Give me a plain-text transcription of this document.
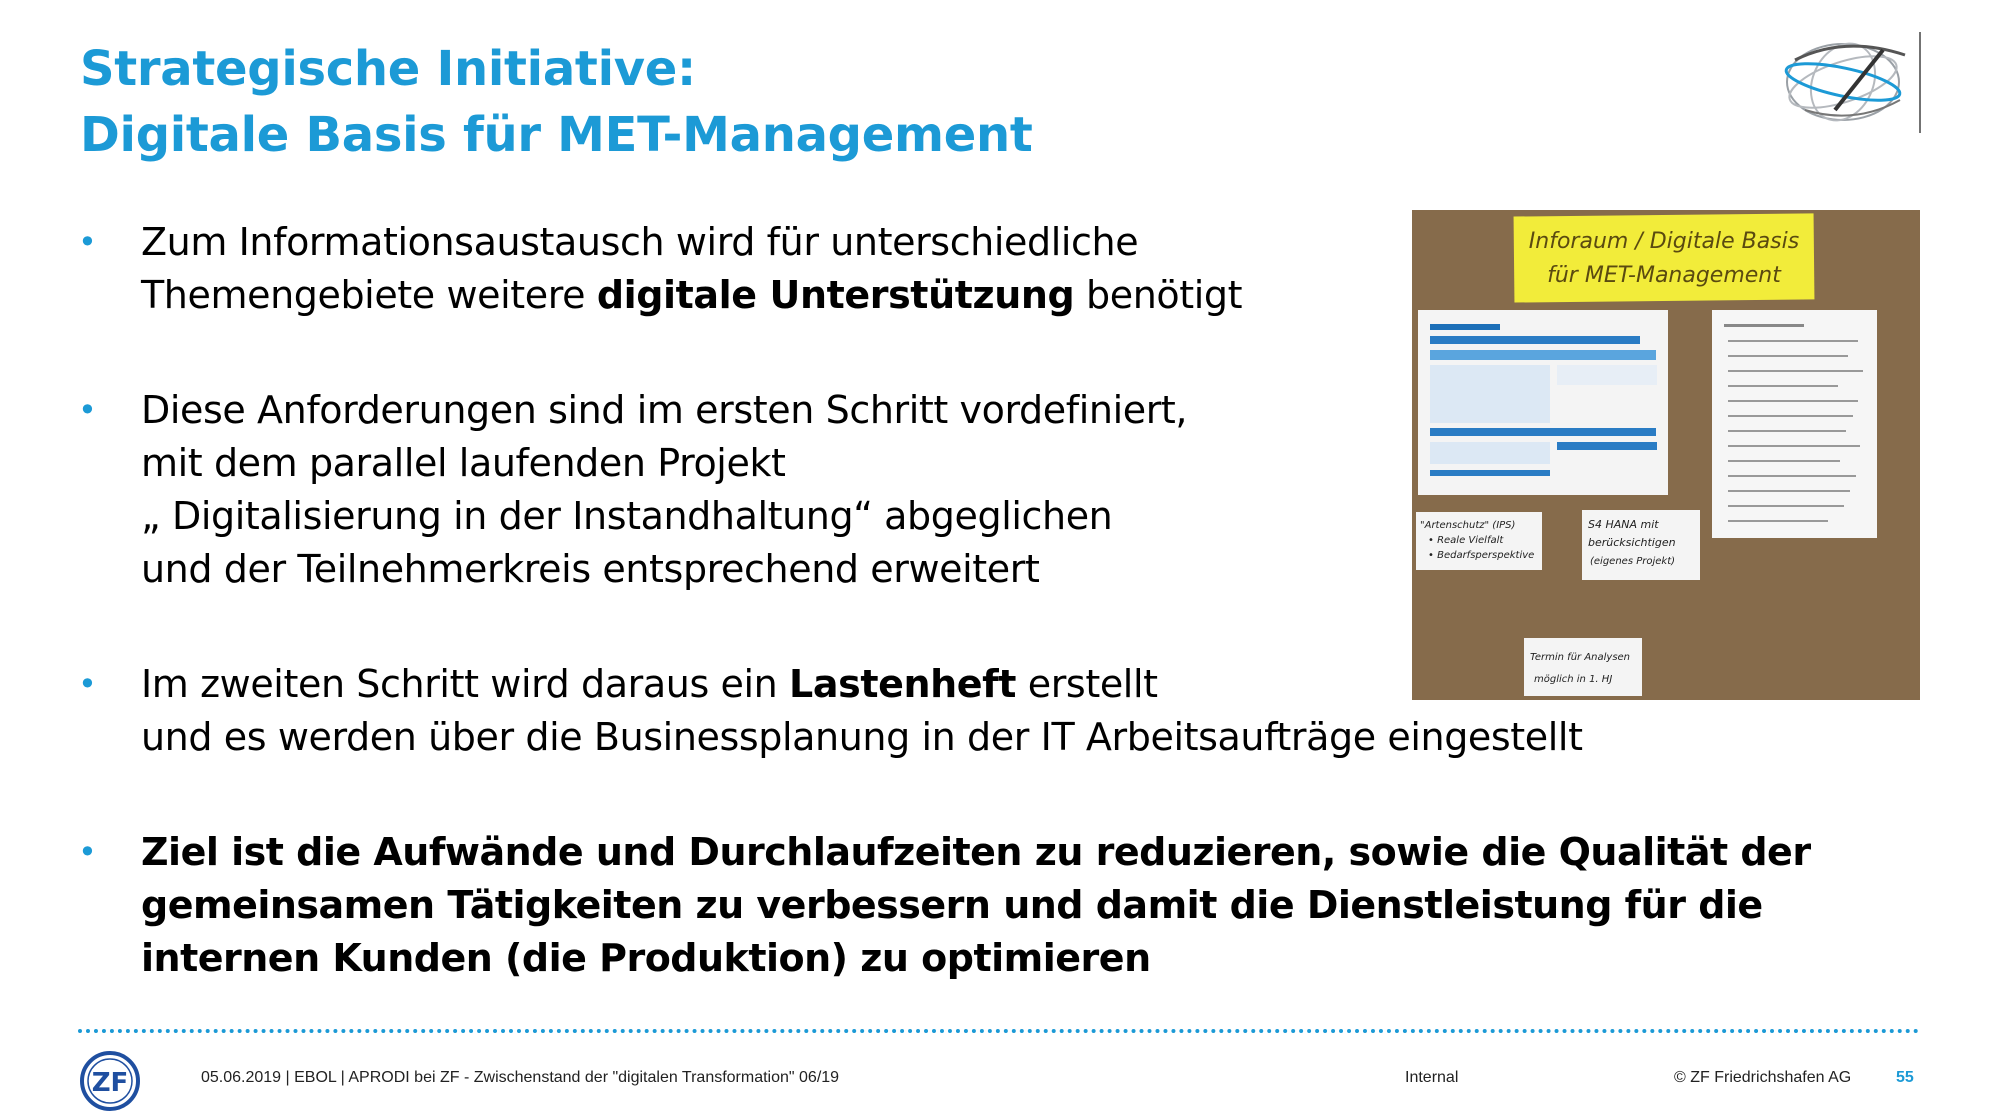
Strategische Initiative:
Digitale Basis für MET-Management
Inforaum / Digitale Basis
für MET-Management
"Artenschutz" (IPS)
• Reale Vielfalt
• Bedarfsperspektive
S4 HANA mit
berücksichtigen
(eigenes Projekt)
Termin für Analysen
möglich in 1. HJ
• Zum Informationsaustausch wird für unterschiedliche
Themengebiete weitere digitale Unterstützung benötigt
• Diese Anforderungen sind im ersten Schritt vordefiniert,
mit dem parallel laufenden Projekt
„ Digitalisierung in der Instandhaltung“ abgeglichen
und der Teilnehmerkreis entsprechend erweitert
• Im zweiten Schritt wird daraus ein Lastenheft erstellt
und es werden über die Businessplanung in der IT Arbeitsaufträge eingestellt
• Ziel ist die Aufwände und Durchlaufzeiten zu reduzieren, sowie die Qualität der
gemeinsamen Tätigkeiten zu verbessern und damit die Dienstleistung für die
internen Kunden (die Produktion) zu optimieren
ZF	05.06.2019 | EBOL | APRODI bei ZF - Zwischenstand der "digitalen Transformation" 06/19	Internal	© ZF Friedrichshafen AG	55
